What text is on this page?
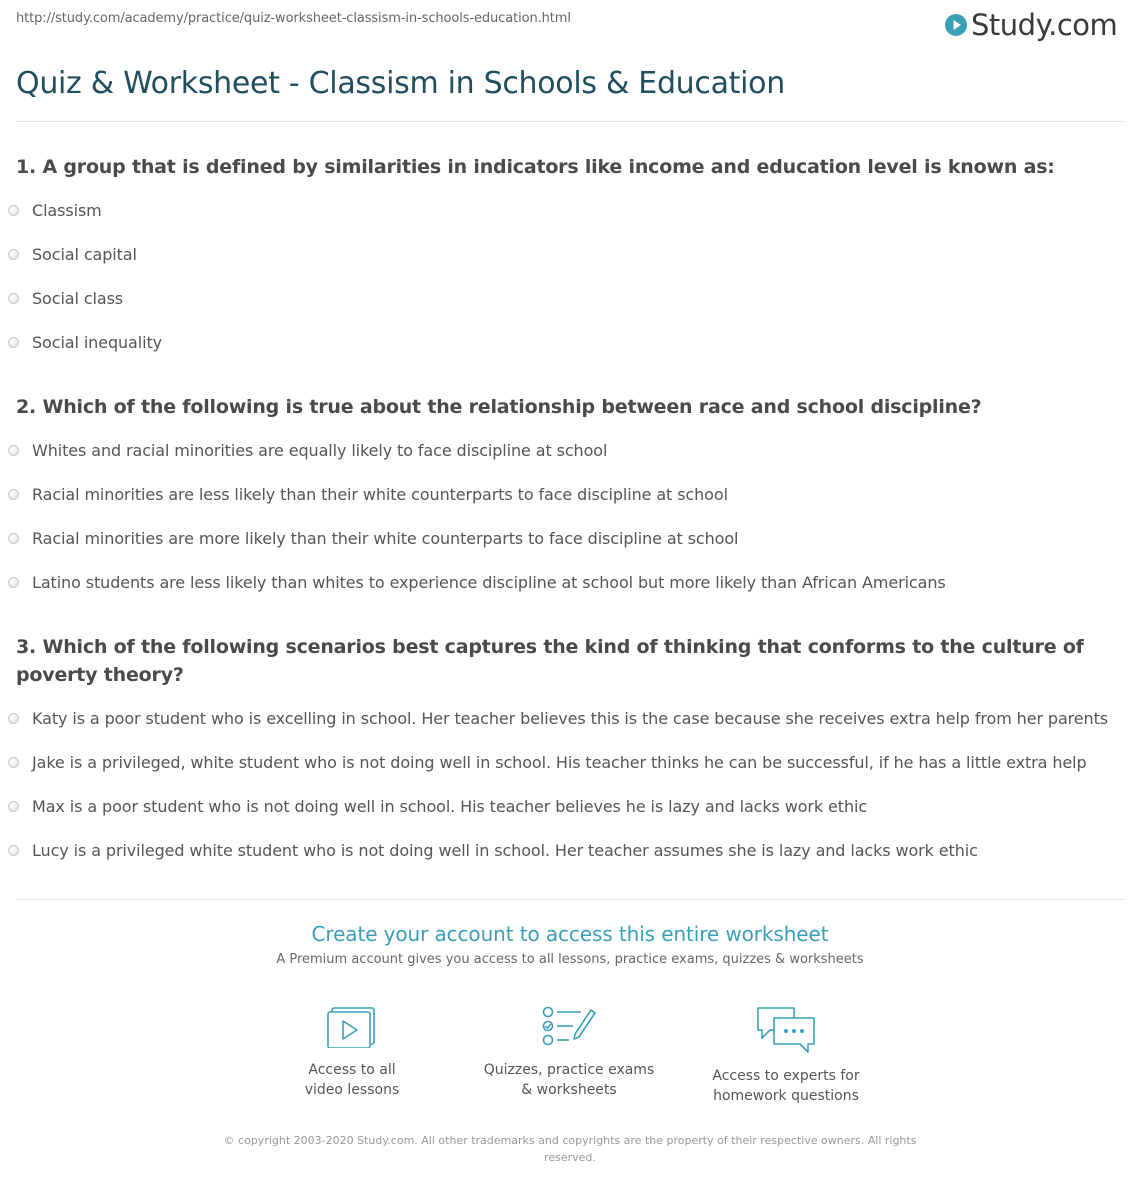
http://study.com/academy/practice/quiz-worksheet-classism-in-schools-education.html	Study.com
Quiz & Worksheet - Classism in Schools & Education
1. A group that is defined by similarities in indicators like income and education level is known as:
Classism
Social capital
Social class
Social inequality
2. Which of the following is true about the relationship between race and school discipline?
Whites and racial minorities are equally likely to face discipline at school
Racial minorities are less likely than their white counterparts to face discipline at school
Racial minorities are more likely than their white counterparts to face discipline at school
Latino students are less likely than whites to experience discipline at school but more likely than African Americans
3. Which of the following scenarios best captures the kind of thinking that conforms to the culture of poverty theory?
Katy is a poor student who is excelling in school. Her teacher believes this is the case because she receives extra help from her parents
Jake is a privileged, white student who is not doing well in school. His teacher thinks he can be successful, if he has a little extra help
Max is a poor student who is not doing well in school. His teacher believes he is lazy and lacks work ethic
Lucy is a privileged white student who is not doing well in school. Her teacher assumes she is lazy and lacks work ethic
Create your account to access this entire worksheet
A Premium account gives you access to all lessons, practice exams, quizzes & worksheets
Access to all
video lessons
Quizzes, practice exams
& worksheets
Access to experts for
homework questions
© copyright 2003-2020 Study.com. All other trademarks and copyrights are the property of their respective owners. All rights reserved.
